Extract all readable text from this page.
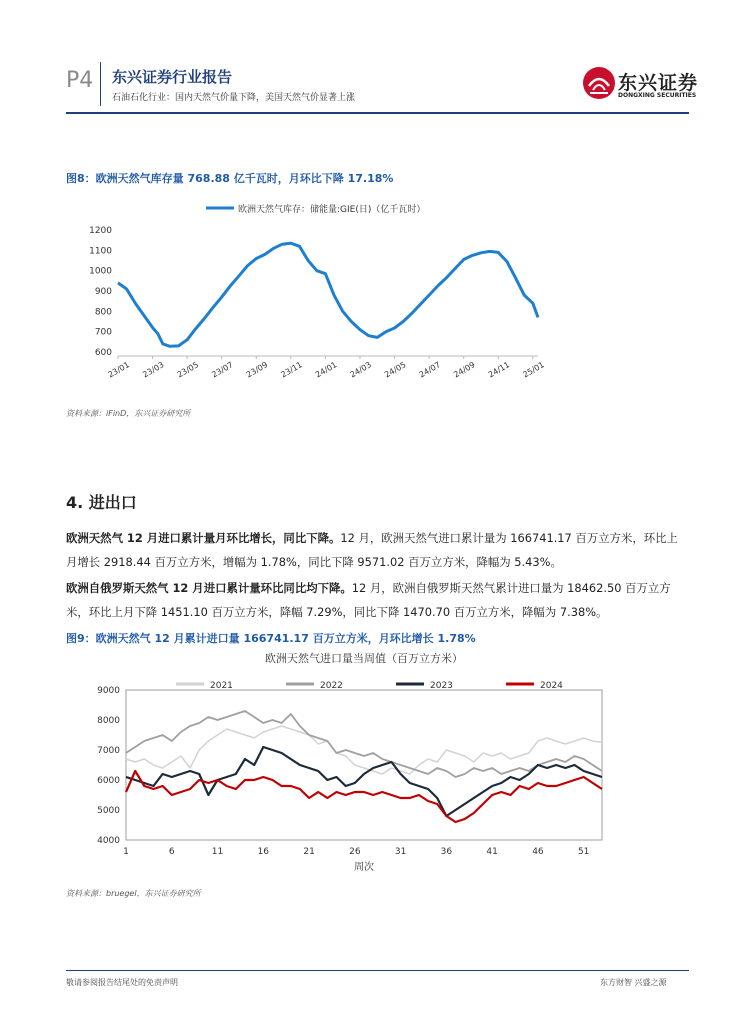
P4 东兴证券行业报告
石油石化行业：国内天然气价量下降，美国天然气价显著上涨
东兴证券
DONGXING SECURITIES
图8：欧洲天然气库存量 768.88 亿千瓦时，月环比下降 17.18%
欧洲天然气库存：储能量:GIE(日)（亿千瓦时）
600
700
800
900
1000
1100
1200
23/01 23/03 23/05 23/07 23/09 23/11 24/01 24/03 24/05 24/07 24/09 24/11 25/01
资料来源：iFinD，东兴证券研究所
4. 进出口
欧洲天然气 12 月进口累计量月环比增长，同比下降。12 月，欧洲天然气进口累计量为 166741.17 百万立方米，环比上月增长 2918.44 百万立方米，增幅为 1.78%，同比下降 9571.02 百万立方米，降幅为 5.43%。
欧洲自俄罗斯天然气 12 月进口累计量环比同比均下降。12 月，欧洲自俄罗斯天然气累计进口量为 18462.50 百万立方米，环比上月下降 1451.10 百万立方米，降幅 7.29%，同比下降 1470.70 百万立方米，降幅为 7.38%。
图9：欧洲天然气 12 月累计进口量 166741.17 百万立方米，月环比增长 1.78%
欧洲天然气进口量当周值（百万立方米）
2021	2022	2023	2024
4000
5000
6000
7000
8000
9000
1	6	11	16	21	26	31	36	41	46	51
周次
资料来源：bruegel，东兴证券研究所
敬请参阅报告结尾处的免责声明	东方财智 兴盛之源
